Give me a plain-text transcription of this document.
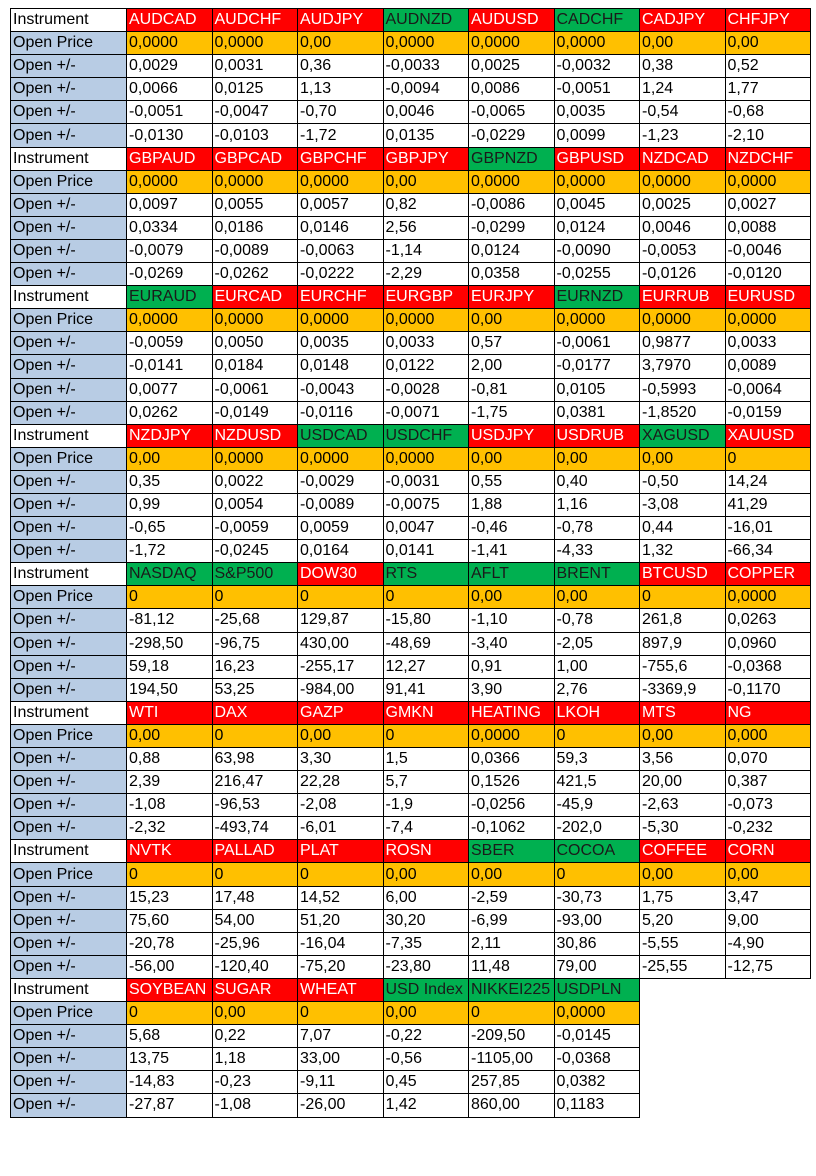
Instrument	AUDCAD	AUDCHF	AUDJPY	AUDNZD	AUDUSD	CADCHF	CADJPY	CHFJPY
Open Price	0,0000	0,0000	0,00	0,0000	0,0000	0,0000	0,00	0,00
Open +/-	0,0029	0,0031	0,36	-0,0033	0,0025	-0,0032	0,38	0,52
Open +/-	0,0066	0,0125	1,13	-0,0094	0,0086	-0,0051	1,24	1,77
Open +/-	-0,0051	-0,0047	-0,70	0,0046	-0,0065	0,0035	-0,54	-0,68
Open +/-	-0,0130	-0,0103	-1,72	0,0135	-0,0229	0,0099	-1,23	-2,10
Instrument	GBPAUD	GBPCAD	GBPCHF	GBPJPY	GBPNZD	GBPUSD	NZDCAD	NZDCHF
Open Price	0,0000	0,0000	0,0000	0,00	0,0000	0,0000	0,0000	0,0000
Open +/-	0,0097	0,0055	0,0057	0,82	-0,0086	0,0045	0,0025	0,0027
Open +/-	0,0334	0,0186	0,0146	2,56	-0,0299	0,0124	0,0046	0,0088
Open +/-	-0,0079	-0,0089	-0,0063	-1,14	0,0124	-0,0090	-0,0053	-0,0046
Open +/-	-0,0269	-0,0262	-0,0222	-2,29	0,0358	-0,0255	-0,0126	-0,0120
Instrument	EURAUD	EURCAD	EURCHF	EURGBP	EURJPY	EURNZD	EURRUB	EURUSD
Open Price	0,0000	0,0000	0,0000	0,0000	0,00	0,0000	0,0000	0,0000
Open +/-	-0,0059	0,0050	0,0035	0,0033	0,57	-0,0061	0,9877	0,0033
Open +/-	-0,0141	0,0184	0,0148	0,0122	2,00	-0,0177	3,7970	0,0089
Open +/-	0,0077	-0,0061	-0,0043	-0,0028	-0,81	0,0105	-0,5993	-0,0064
Open +/-	0,0262	-0,0149	-0,0116	-0,0071	-1,75	0,0381	-1,8520	-0,0159
Instrument	NZDJPY	NZDUSD	USDCAD	USDCHF	USDJPY	USDRUB	XAGUSD	XAUUSD
Open Price	0,00	0,0000	0,0000	0,0000	0,00	0,00	0,00	0
Open +/-	0,35	0,0022	-0,0029	-0,0031	0,55	0,40	-0,50	14,24
Open +/-	0,99	0,0054	-0,0089	-0,0075	1,88	1,16	-3,08	41,29
Open +/-	-0,65	-0,0059	0,0059	0,0047	-0,46	-0,78	0,44	-16,01
Open +/-	-1,72	-0,0245	0,0164	0,0141	-1,41	-4,33	1,32	-66,34
Instrument	NASDAQ	S&P500	DOW30	RTS	AFLT	BRENT	BTCUSD	COPPER
Open Price	0	0	0	0	0,00	0,00	0	0,0000
Open +/-	-81,12	-25,68	129,87	-15,80	-1,10	-0,78	261,8	0,0263
Open +/-	-298,50	-96,75	430,00	-48,69	-3,40	-2,05	897,9	0,0960
Open +/-	59,18	16,23	-255,17	12,27	0,91	1,00	-755,6	-0,0368
Open +/-	194,50	53,25	-984,00	91,41	3,90	2,76	-3369,9	-0,1170
Instrument	WTI	DAX	GAZP	GMKN	HEATING	LKOH	MTS	NG
Open Price	0,00	0	0,00	0	0,0000	0	0,00	0,000
Open +/-	0,88	63,98	3,30	1,5	0,0366	59,3	3,56	0,070
Open +/-	2,39	216,47	22,28	5,7	0,1526	421,5	20,00	0,387
Open +/-	-1,08	-96,53	-2,08	-1,9	-0,0256	-45,9	-2,63	-0,073
Open +/-	-2,32	-493,74	-6,01	-7,4	-0,1062	-202,0	-5,30	-0,232
Instrument	NVTK	PALLAD	PLAT	ROSN	SBER	COCOA	COFFEE	CORN
Open Price	0	0	0	0,00	0,00	0	0,00	0,00
Open +/-	15,23	17,48	14,52	6,00	-2,59	-30,73	1,75	3,47
Open +/-	75,60	54,00	51,20	30,20	-6,99	-93,00	5,20	9,00
Open +/-	-20,78	-25,96	-16,04	-7,35	2,11	30,86	-5,55	-4,90
Open +/-	-56,00	-120,40	-75,20	-23,80	11,48	79,00	-25,55	-12,75
Instrument	SOYBEAN	SUGAR	WHEAT	USD Index	NIKKEI225	USDPLN		
Open Price	0	0,00	0	0,00	0	0,0000		
Open +/-	5,68	0,22	7,07	-0,22	-209,50	-0,0145		
Open +/-	13,75	1,18	33,00	-0,56	-1105,00	-0,0368		
Open +/-	-14,83	-0,23	-9,11	0,45	257,85	0,0382		
Open +/-	-27,87	-1,08	-26,00	1,42	860,00	0,1183		
